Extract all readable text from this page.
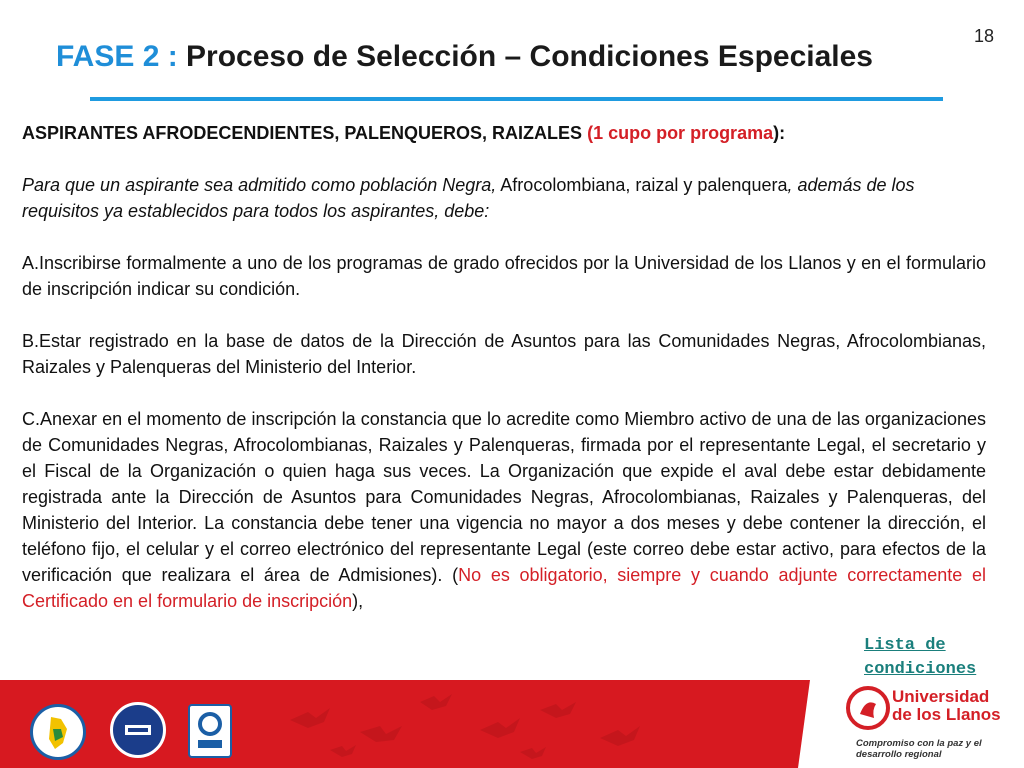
18
FASE 2 : Proceso de Selección – Condiciones Especiales

ASPIRANTES AFRODECENDIENTES, PALENQUEROS, RAIZALES (1 cupo por programa):

Para que un aspirante sea admitido como población Negra, Afrocolombiana, raizal y palenquera, además de los requisitos ya establecidos para todos los aspirantes, debe:

A.Inscribirse formalmente a uno de los programas de grado ofrecidos por la Universidad de los Llanos y en el formulario de inscripción indicar su condición.

B.Estar registrado en la base de datos de la Dirección de Asuntos para las Comunidades Negras, Afrocolombianas, Raizales y Palenqueras del Ministerio del Interior.

C.Anexar en el momento de inscripción la constancia que lo acredite como Miembro activo de una de las organizaciones de Comunidades Negras, Afrocolombianas, Raizales y Palenqueras, firmada por el representante Legal, el secretario y el Fiscal de la Organización o quien haga sus veces. La Organización que expide el aval debe estar debidamente registrada ante la Dirección de Asuntos para Comunidades Negras, Afrocolombianas, Raizales y Palenqueras, del Ministerio del Interior. La constancia debe tener una vigencia no mayor a dos meses y debe contener la dirección, el teléfono fijo, el celular y el correo electrónico del representante Legal (este correo debe estar activo, para efectos de la verificación que realizara el área de Admisiones). (No es obligatorio, siempre y cuando adjunte correctamente el Certificado en el formulario de inscripción),

Lista de
condiciones
Universidad de los Llanos
Compromiso con la paz y el desarrollo regional
